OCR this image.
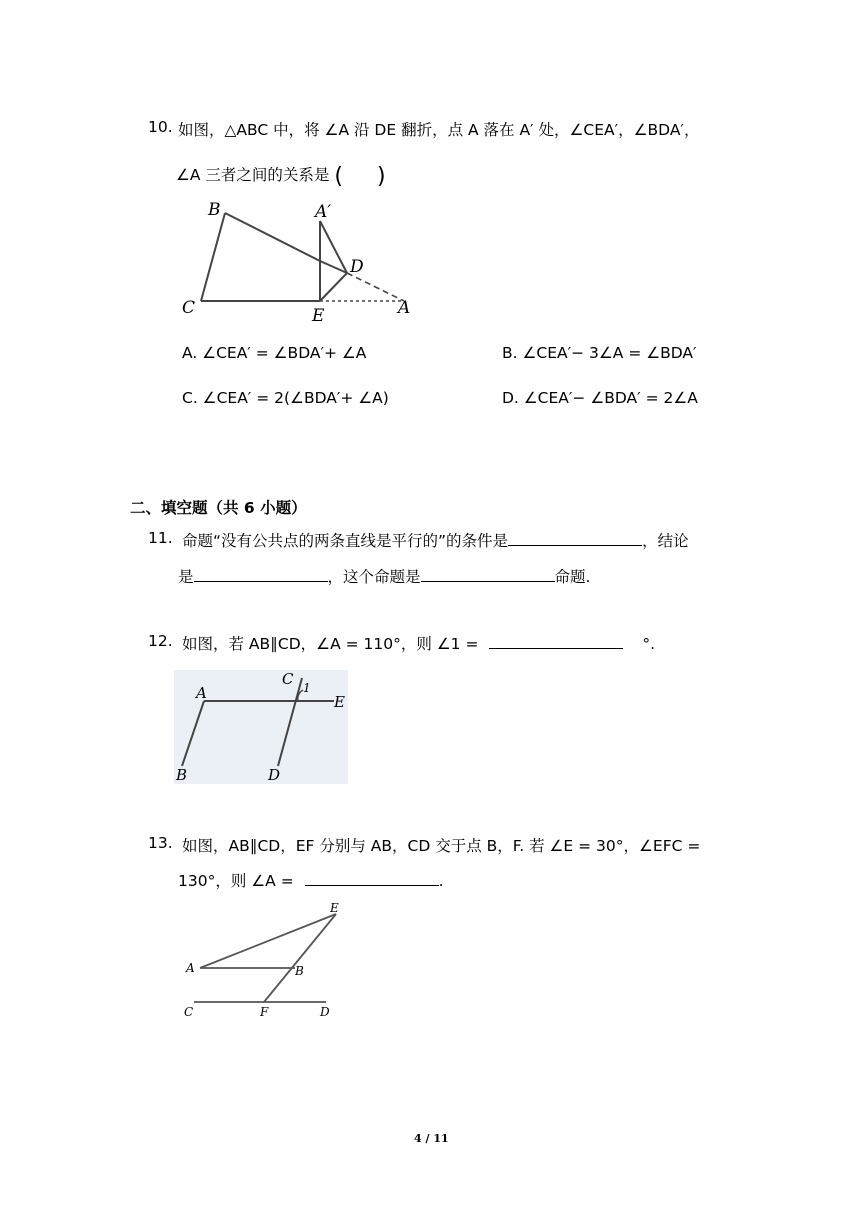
10. 如图，△ABC 中，将 ∠A 沿 DE 翻折，点 A 落在 A′ 处，∠CEA′，∠BDA′，
∠A 三者之间的关系是 ( )
B	A′
D
C	E	A
A. ∠CEA′ = ∠BDA′+ ∠A	B. ∠CEA′− 3∠A = ∠BDA′
C. ∠CEA′ = 2(∠BDA′+ ∠A)	D. ∠CEA′− ∠BDA′ = 2∠A
二、填空题（共 6 小题）
11. 命题“没有公共点的两条直线是平行的”的条件是	，结论
是	，这个命题是	命题.
12. 如图，若 AB∥CD，∠A = 110°，则 ∠1 =	°.
A
C 1
E
B	D
13. 如图，AB∥CD，EF 分别与 AB，CD 交于点 B，F. 若 ∠E = 30°，∠EFC =
130°，则 ∠A =	.
E
A	B
C	F	D
4 / 11
